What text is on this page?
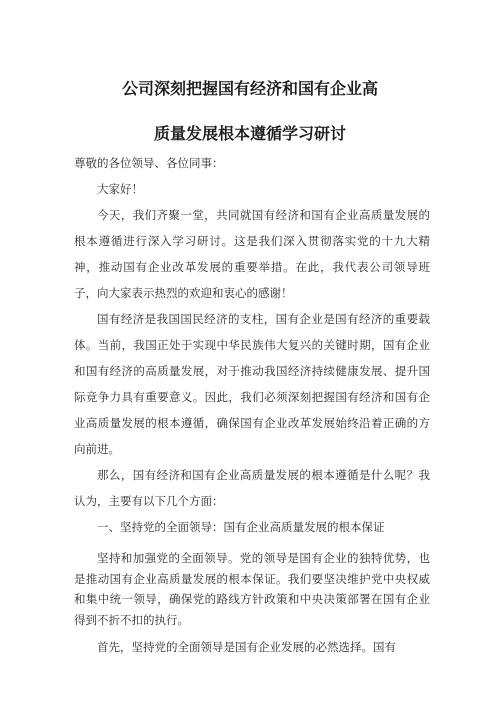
公司深刻把握国有经济和国有企业高
质量发展根本遵循学习研讨

尊敬的各位领导、各位同事：

大家好！

今天，我们齐聚一堂，共同就国有经济和国有企业高质量发展的根本遵循进行深入学习研讨。这是我们深入贯彻落实党的十九大精神，推动国有企业改革发展的重要举措。在此，我代表公司领导班子，向大家表示热烈的欢迎和衷心的感谢！

国有经济是我国国民经济的支柱，国有企业是国有经济的重要载体。当前，我国正处于实现中华民族伟大复兴的关键时期，国有企业和国有经济的高质量发展，对于推动我国经济持续健康发展、提升国际竞争力具有重要意义。因此，我们必须深刻把握国有经济和国有企业高质量发展的根本遵循，确保国有企业改革发展始终沿着正确的方向前进。

那么，国有经济和国有企业高质量发展的根本遵循是什么呢？我认为，主要有以下几个方面：

一、坚持党的全面领导：国有企业高质量发展的根本保证

坚持和加强党的全面领导。党的领导是国有企业的独特优势，也是推动国有企业高质量发展的根本保证。我们要坚决维护党中央权威和集中统一领导，确保党的路线方针政策和中央决策部署在国有企业得到不折不扣的执行。

首先，坚持党的全面领导是国有企业发展的必然选择。国有
